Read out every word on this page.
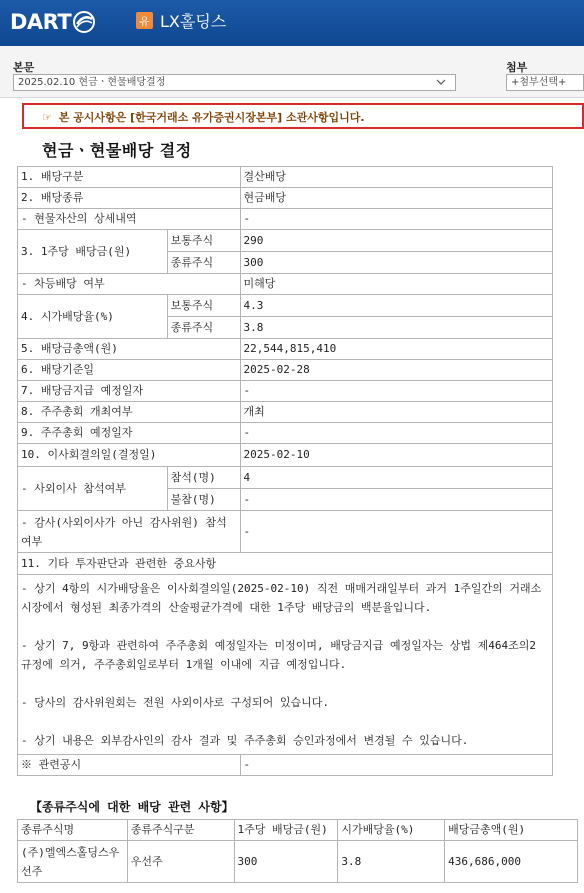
DART	유 LX홀딩스
본문
2025.02.10 현금ㆍ현물배당결정
첨부
+첨부선택+
☞ 본 공시사항은 [한국거래소 유가증권시장본부] 소관사항입니다.
현금ㆍ현물배당 결정
1. 배당구분		결산배당
2. 배당종류		현금배당
- 현물자산의 상세내역		-
3. 1주당 배당금(원)	보통주식	290
	종류주식	300
- 차등배당 여부		미해당
4. 시가배당율(%)	보통주식	4.3
	종류주식	3.8
5. 배당금총액(원)		22,544,815,410
6. 배당기준일		2025-02-28
7. 배당금지급 예정일자		-
8. 주주총회 개최여부		개최
9. 주주총회 예정일자		-
10. 이사회결의일(결정일)		2025-02-10
- 사외이사 참석여부	참석(명)	4
	불참(명)	-
- 감사(사외이사가 아닌 감사위원) 참석여부		-
11. 기타 투자판단과 관련한 중요사항		

- 상기 4항의 시가배당율은 이사회결의일(2025-02-10) 직전 매매거래일부터 과거 1주일간의 거래소 시장에서 형성된 최종가격의 산술평균가격에 대한 1주당 배당금의 백분율입니다.
- 상기 7, 9항과 관련하여 주주총회 예정일자는 미정이며, 배당금지급 예정일자는 상법 제464조의2 규정에 의거, 주주총회일로부터 1개월 이내에 지급 예정입니다.
- 당사의 감사위원회는 전원 사외이사로 구성되어 있습니다.
- 상기 내용은 외부감사인의 감사 결과 및 주주총회 승인과정에서 변경될 수 있습니다.		

※ 관련공시		-
【종류주식에 대한 배당 관련 사항】
종류주식명	종류주식구분	1주당 배당금(원)	시가배당율(%)	배당금총액(원)
(주)엘엑스홀딩스우선주	우선주	300	3.8	436,686,000
